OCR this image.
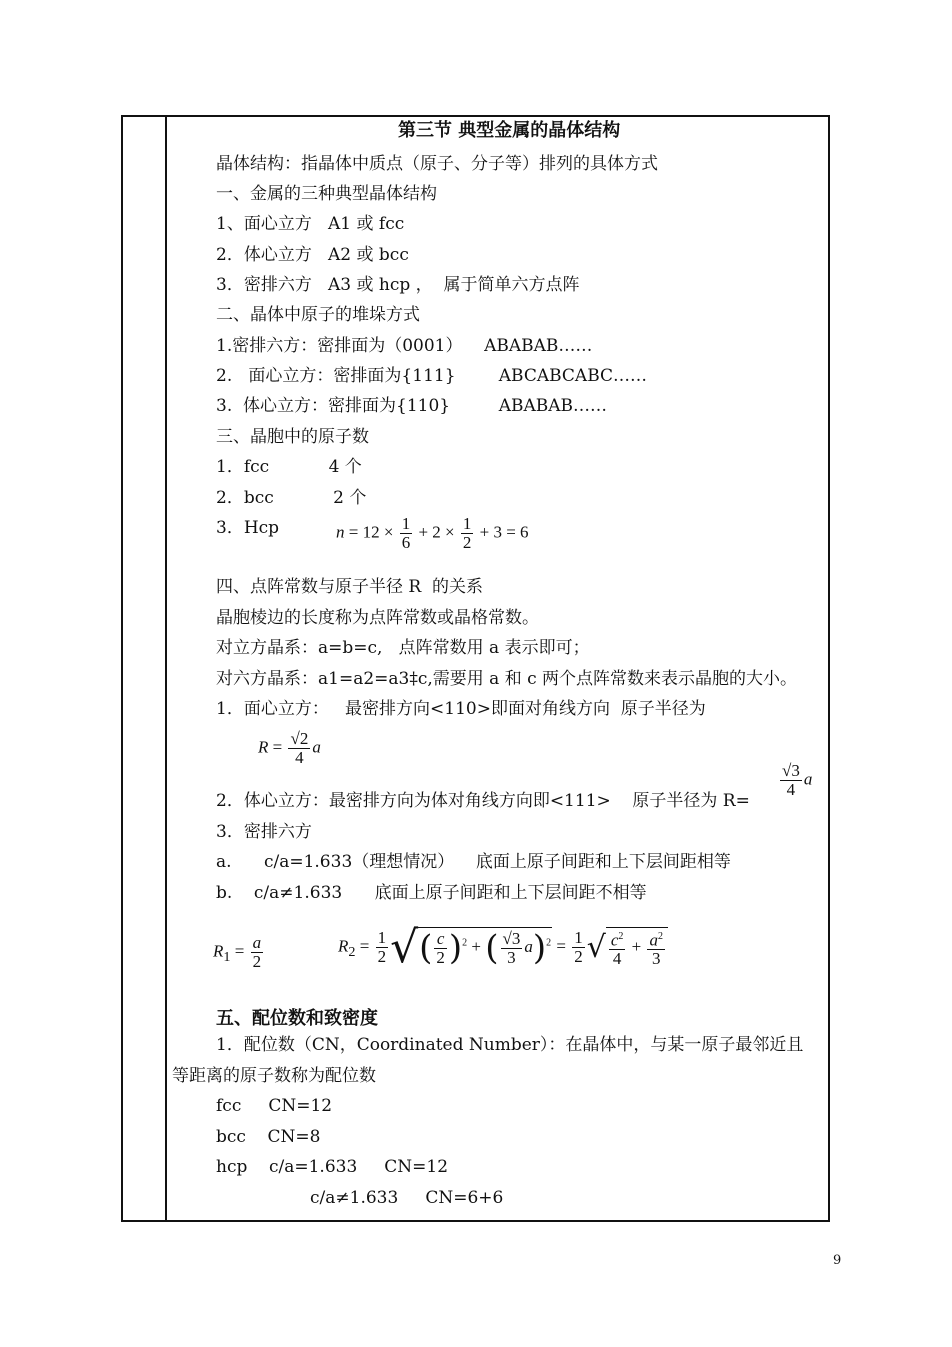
第三节 典型金属的晶体结构
晶体结构：指晶体中质点（原子、分子等）排列的具体方式
一、金属的三种典型晶体结构
1、面心立方   A1 或 fcc
2．体心立方   A2 或 bcc
3．密排六方   A3 或 hcp ，  属于简单六方点阵
二、晶体中原子的堆垛方式
1.密排六方：密排面为（0001）    ABABAB……
2.   面心立方：密排面为{111}        ABCABCABC……
3.  体心立方：密排面为{110}         ABABAB……
三、晶胞中的原子数
1．fcc           4 个
2．bcc           2 个
3．Hcp	$n = 12 \times \frac{1}{6} + 2 \times \frac{1}{2} + 3 = 6$
四、点阵常数与原子半径 R  的关系
晶胞棱边的长度称为点阵常数或晶格常数。
对立方晶系：a=b=c,   点阵常数用 a 表示即可；
对六方晶系：a1=a2=a3‡c,需要用 a 和 c 两个点阵常数来表示晶胞的大小。
1．面心立方：   最密排方向<110>即面对角线方向  原子半径为
$R = \frac{√2}{4}$ a
2．体心立方：最密排方向为体对角线方向即<111>    原子半径为 R=
$\frac{√3}{4}$ a
3．密排六方
a.      c/a=1.633（理想情况）    底面上原子间距和上下层间距相等
b.    c/a≠1.633      底面上原子间距和上下层间距不相等
$R_1 = \frac{a}{2}$	$R_2 = \frac{1}{2}$ √( $\frac{c}{2} )^2$ + ( $\frac{√3}{3} a)^2 = \frac{1}{2}$ √ $\frac{c^2}{4} + \frac{a^2}{3}$
五、配位数和致密度
1．配位数（CN，Coordinated Number）：在晶体中，与某一原子最邻近且
等距离的原子数称为配位数
fcc     CN=12
bcc    CN=8
hcp    c/a=1.633     CN=12
c/a≠1.633     CN=6+6
9
